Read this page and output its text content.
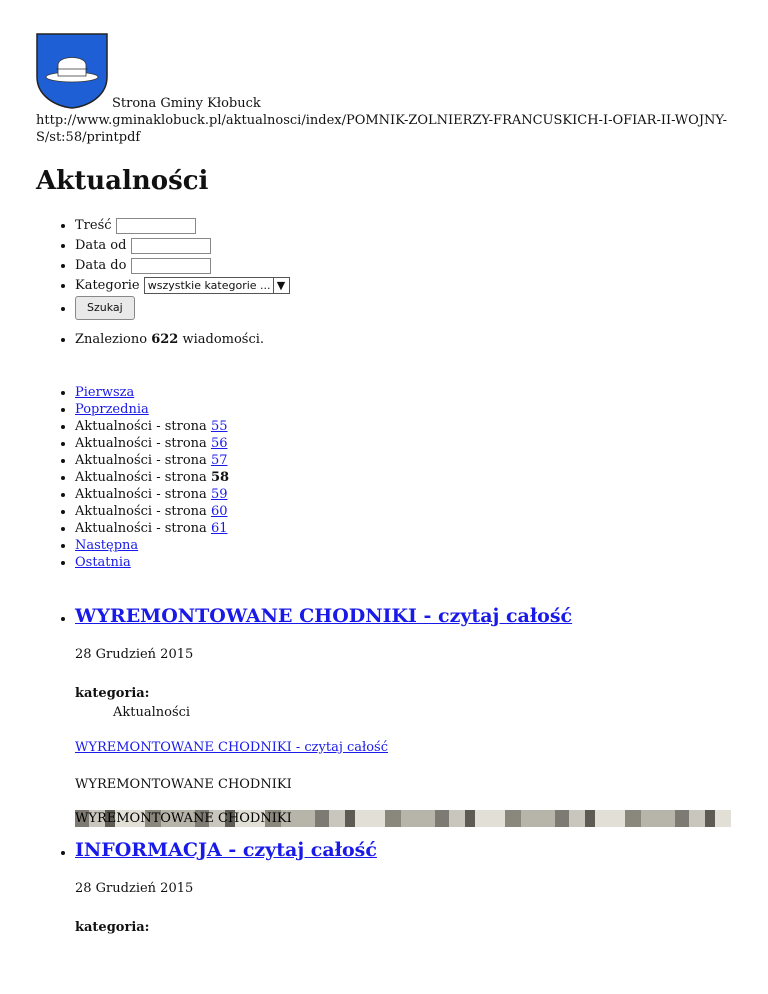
Strona Gminy Kłobuck
http://www.gminaklobuck.pl/aktualnosci/index/POMNIK-ZOLNIERZY-FRANCUSKICH-I-OFIAR-II-WOJNY-S/st:58/printpdf
Aktualności
• Treść
• Data od
• Data do
• Kategorie wszystkie kategorie ... ▼
• Szukaj
• Znaleziono 622 wiadomości.
• Pierwsza
• Poprzednia
• Aktualności - strona 55
• Aktualności - strona 56
• Aktualności - strona 57
• Aktualności - strona 58
• Aktualności - strona 59
• Aktualności - strona 60
• Aktualności - strona 61
• Następna
• Ostatnia
• WYREMONTOWANE CHODNIKI - czytaj całość
28 Grudzień 2015
kategoria:
Aktualności
WYREMONTOWANE CHODNIKI - czytaj całość
WYREMONTOWANE CHODNIKI
WYREMONTOWANE CHODNIKI
• INFORMACJA - czytaj całość
28 Grudzień 2015
kategoria:
